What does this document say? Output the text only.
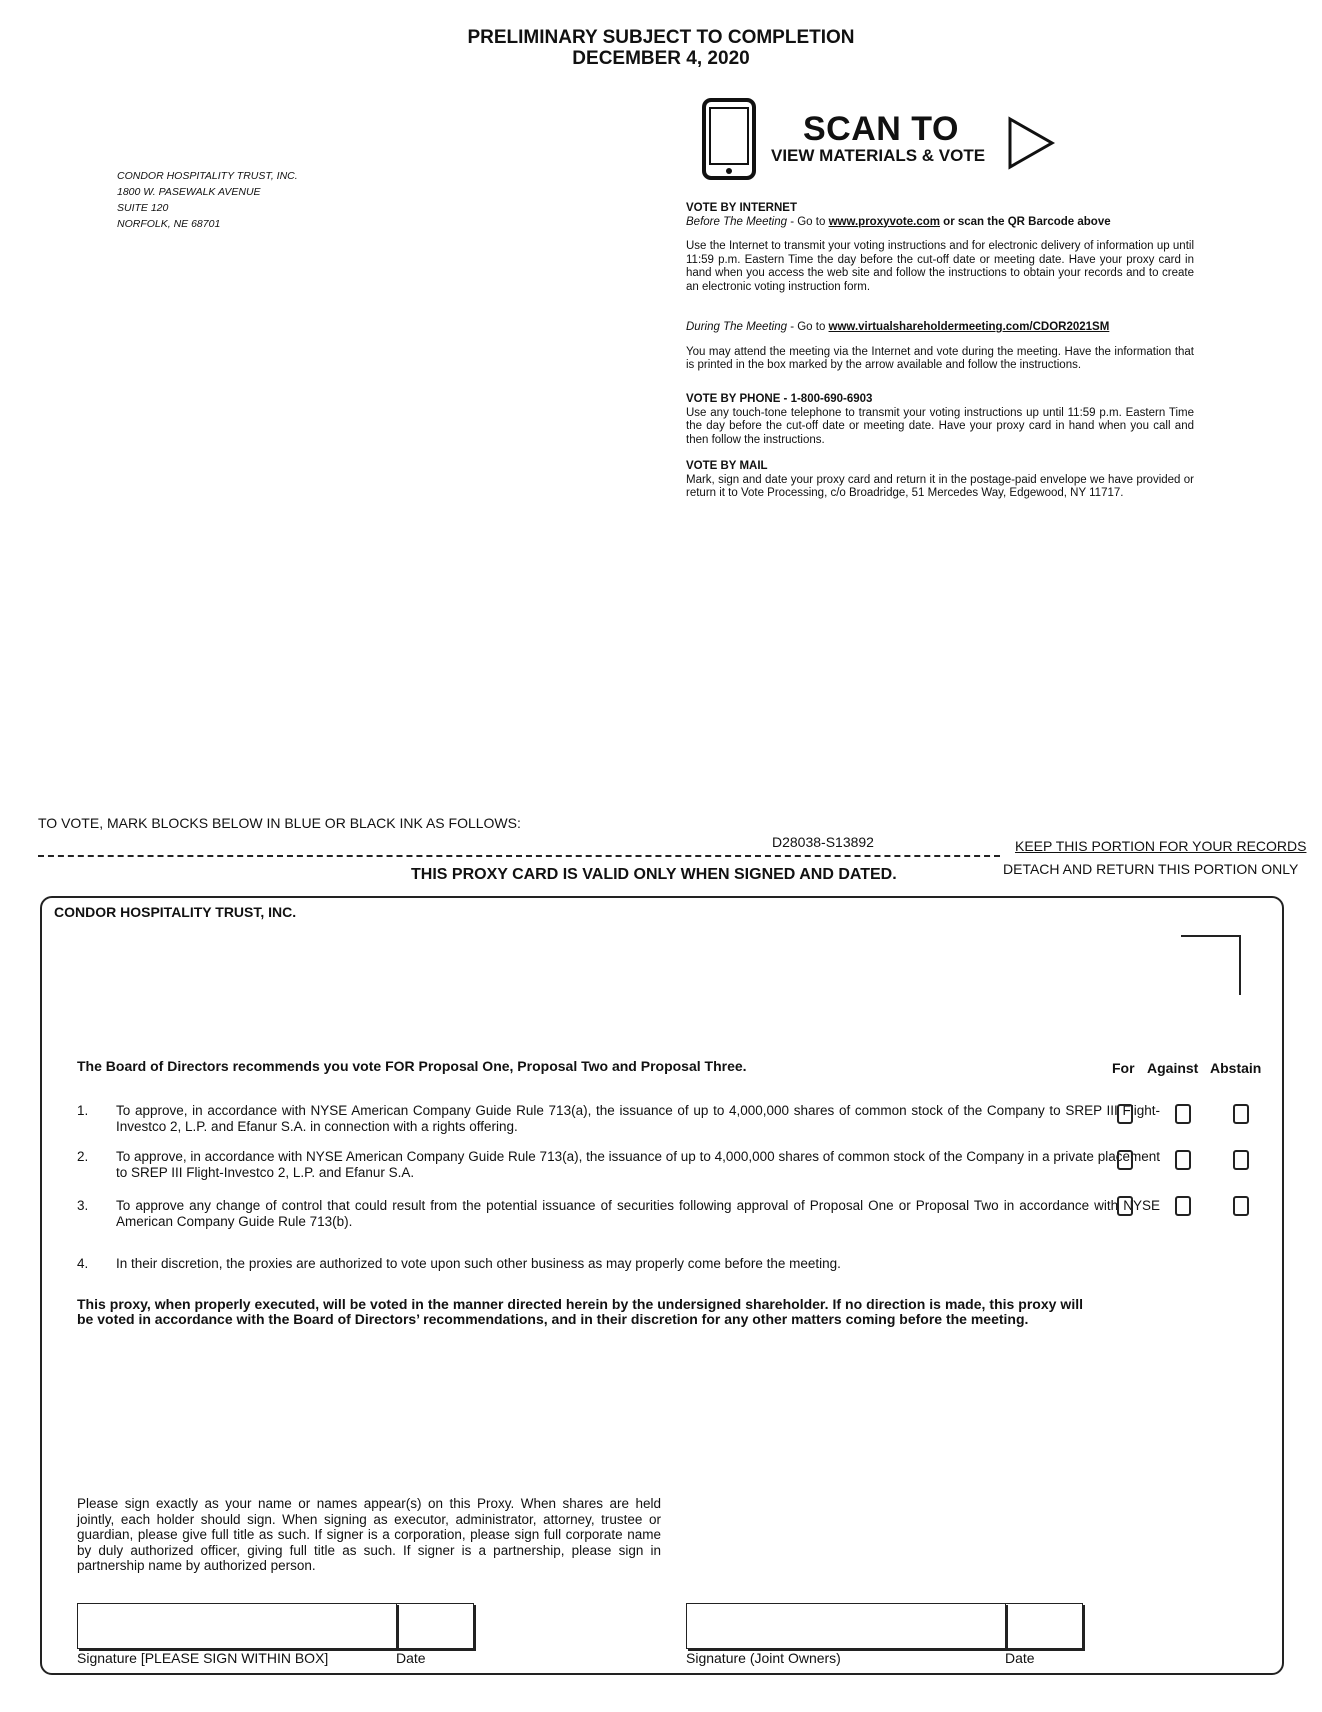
PRELIMINARY SUBJECT TO COMPLETION
DECEMBER 4, 2020
CONDOR HOSPITALITY TRUST, INC.
1800 W. PASEWALK AVENUE
SUITE 120
NORFOLK, NE 68701
SCAN TO
VIEW MATERIALS & VOTE
VOTE BY INTERNET
Before The Meeting - Go to www.proxyvote.com or scan the QR Barcode above
Use the Internet to transmit your voting instructions and for electronic delivery of information up until 11:59 p.m. Eastern Time the day before the cut-off date or meeting date. Have your proxy card in hand when you access the web site and follow the instructions to obtain your records and to create an electronic voting instruction form.
During The Meeting - Go to www.virtualshareholdermeeting.com/CDOR2021SM
You may attend the meeting via the Internet and vote during the meeting. Have the information that is printed in the box marked by the arrow available and follow the instructions.
VOTE BY PHONE - 1-800-690-6903
Use any touch-tone telephone to transmit your voting instructions up until 11:59 p.m. Eastern Time the day before the cut-off date or meeting date. Have your proxy card in hand when you call and then follow the instructions.
VOTE BY MAIL
Mark, sign and date your proxy card and return it in the postage-paid envelope we have provided or return it to Vote Processing, c/o Broadridge, 51 Mercedes Way, Edgewood, NY 11717.
TO VOTE, MARK BLOCKS BELOW IN BLUE OR BLACK INK AS FOLLOWS:
D28038-S13892	KEEP THIS PORTION FOR YOUR RECORDS
DETACH AND RETURN THIS PORTION ONLY
THIS PROXY CARD IS VALID ONLY WHEN SIGNED AND DATED.
CONDOR HOSPITALITY TRUST, INC.
The Board of Directors recommends you vote FOR Proposal One, Proposal Two and Proposal Three.	For Against Abstain
1. To approve, in accordance with NYSE American Company Guide Rule 713(a), the issuance of up to 4,000,000 shares of common stock of the Company to SREP III Flight-Investco 2, L.P. and Efanur S.A. in connection with a rights offering.
2. To approve, in accordance with NYSE American Company Guide Rule 713(a), the issuance of up to 4,000,000 shares of common stock of the Company in a private placement to SREP III Flight-Investco 2, L.P. and Efanur S.A.
3. To approve any change of control that could result from the potential issuance of securities following approval of Proposal One or Proposal Two in accordance with NYSE American Company Guide Rule 713(b).
4. In their discretion, the proxies are authorized to vote upon such other business as may properly come before the meeting.
This proxy, when properly executed, will be voted in the manner directed herein by the undersigned shareholder. If no direction is made, this proxy will be voted in accordance with the Board of Directors’ recommendations, and in their discretion for any other matters coming before the meeting.
Please sign exactly as your name or names appear(s) on this Proxy. When shares are held jointly, each holder should sign. When signing as executor, administrator, attorney, trustee or guardian, please give full title as such. If signer is a corporation, please sign full corporate name by duly authorized officer, giving full title as such. If signer is a partnership, please sign in partnership name by authorized person.
Signature [PLEASE SIGN WITHIN BOX]	Date	Signature (Joint Owners)	Date
